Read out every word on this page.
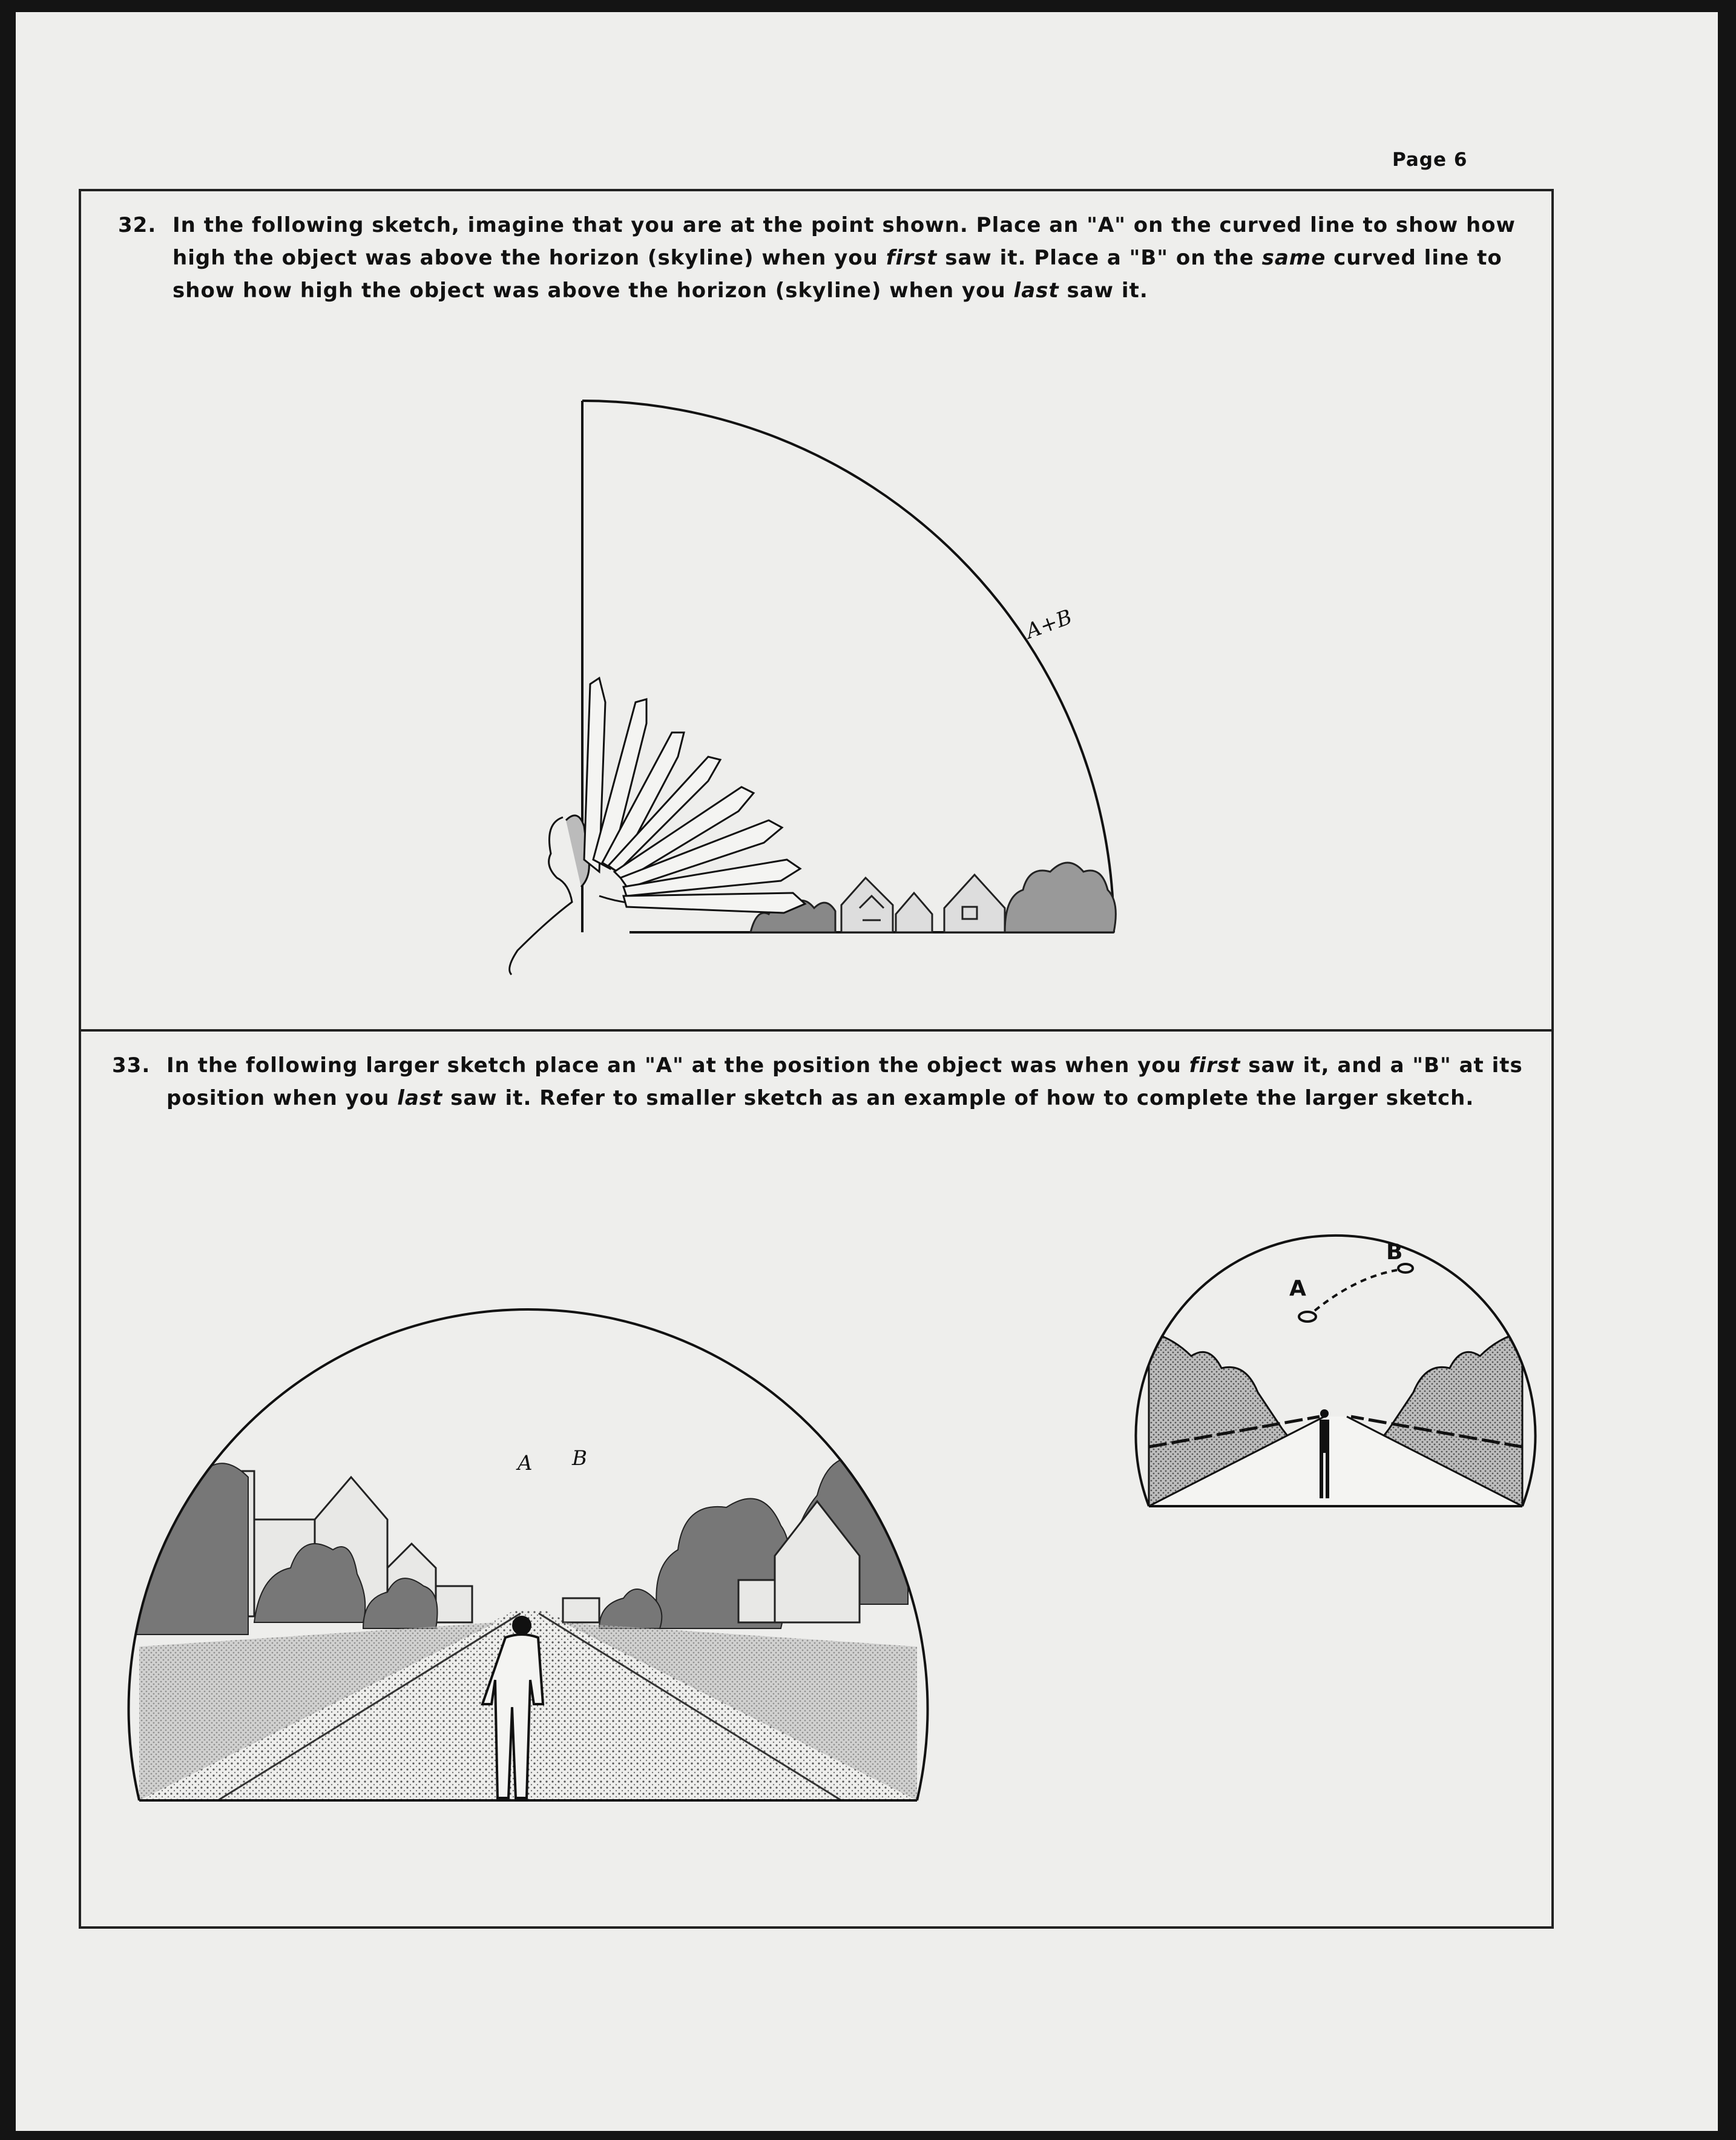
Page 6
32. In the following sketch, imagine that you are at the point shown. Place an "A" on the curved line to show how
high the object was above the horizon (skyline) when you first saw it. Place a "B" on the same curved line to
show how high the object was above the horizon (skyline) when you last saw it.
A+B
33. In the following larger sketch place an "A" at the position the object was when you first saw it, and a "B" at its
position when you last saw it. Refer to smaller sketch as an example of how to complete the larger sketch.
A B
A
B
